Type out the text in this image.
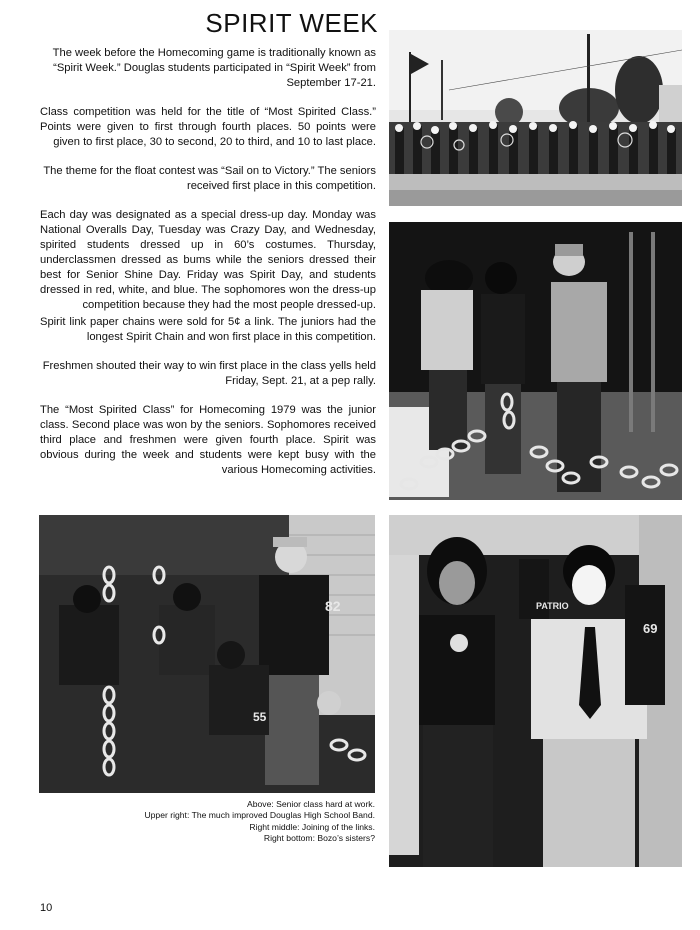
SPIRIT WEEK

The week before the Homecoming game is traditionally known as “Spirit Week.” Douglas students participated in “Spirit Week” from September 17-21.

Class competition was held for the title of “Most Spirited Class.” Points were given to first through fourth places. 50 points were given to first place, 30 to second, 20 to third, and 10 to last place.

The theme for the float contest was “Sail on to Victory.” The seniors received first place in this competition.

Each day was designated as a special dress-up day. Monday was National Overalls Day, Tuesday was Crazy Day, and Wednesday, spirited students dressed up in 60’s costumes. Thursday, underclassmen dressed as bums while the seniors dressed their best for Senior Shine Day. Friday was Spirit Day, and students dressed in red, white, and blue. The sophomores won the dress-up competition because they had the most people dressed-up.

Spirit link paper chains were sold for 5¢ a link. The juniors had the longest Spirit Chain and won first place in this competition.

Freshmen shouted their way to win first place in the class yells held Friday, Sept. 21, at a pep rally.

The “Most Spirited Class” for Homecoming 1979 was the junior class. Second place was won by the seniors. Sophomores received third place and freshmen were given fourth place. Spirit was obvious during the week and students were kept busy with the various Homecoming activities.

82
55
PATRIO
69
Above: Senior class hard at work.
Upper right: The much improved Douglas High School Band.
Right middle: Joining of the links.
Right bottom: Bozo’s sisters?
10
